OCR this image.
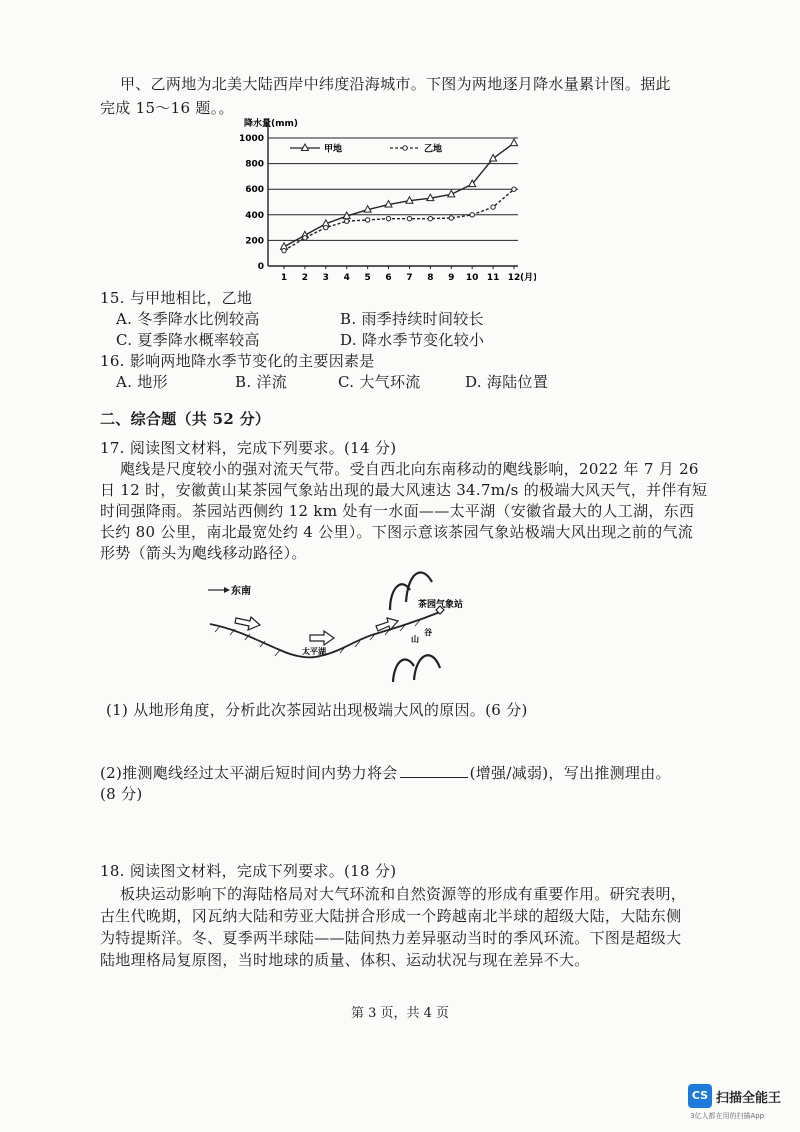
甲、乙两地为北美大陆西岸中纬度沿海城市。下图为两地逐月降水量累计图。据此
完成 15～16 题。。
降水量(mm)
0
200
400
600
800
1000
1 2 3 4 5 6 7 8 9 10 11 12 (月)
甲地	乙地
15. 与甲地相比，乙地
A. 冬季降水比例较高	B. 雨季持续时间较长
C. 夏季降水概率较高	D. 降水季节变化较小
16. 影响两地降水季节变化的主要因素是
A. 地形	B. 洋流	C. 大气环流	D. 海陆位置
二、综合题（共 52 分）
17. 阅读图文材料，完成下列要求。(14 分)
飑线是尺度较小的强对流天气带。受自西北向东南移动的飑线影响，2022 年 7 月 26
日 12 时，安徽黄山某茶园气象站出现的最大风速达 34.7m/s 的极端大风天气，并伴有短
时间强降雨。茶园站西侧约 12 km 处有一水面——太平湖（安徽省最大的人工湖，东西
长约 80 公里，南北最宽处约 4 公里）。下图示意该茶园气象站极端大风出现之前的气流
形势（箭头为飑线移动路径）。
东南
太平湖
茶园气象站
山
谷
(1) 从地形角度，分析此次茶园站出现极端大风的原因。(6 分)
(2)推测飑线经过太平湖后短时间内势力将会	(增强/减弱)，写出推测理由。
(8 分)
18. 阅读图文材料，完成下列要求。(18 分)
板块运动影响下的海陆格局对大气环流和自然资源等的形成有重要作用。研究表明，
古生代晚期，冈瓦纳大陆和劳亚大陆拼合形成一个跨越南北半球的超级大陆，大陆东侧
为特提斯洋。冬、夏季两半球陆——陆间热力差异驱动当时的季风环流。下图是超级大
陆地理格局复原图，当时地球的质量、体积、运动状况与现在差异不大。
第 3 页，共 4 页
CS 扫描全能王
3亿人都在用的扫描App
